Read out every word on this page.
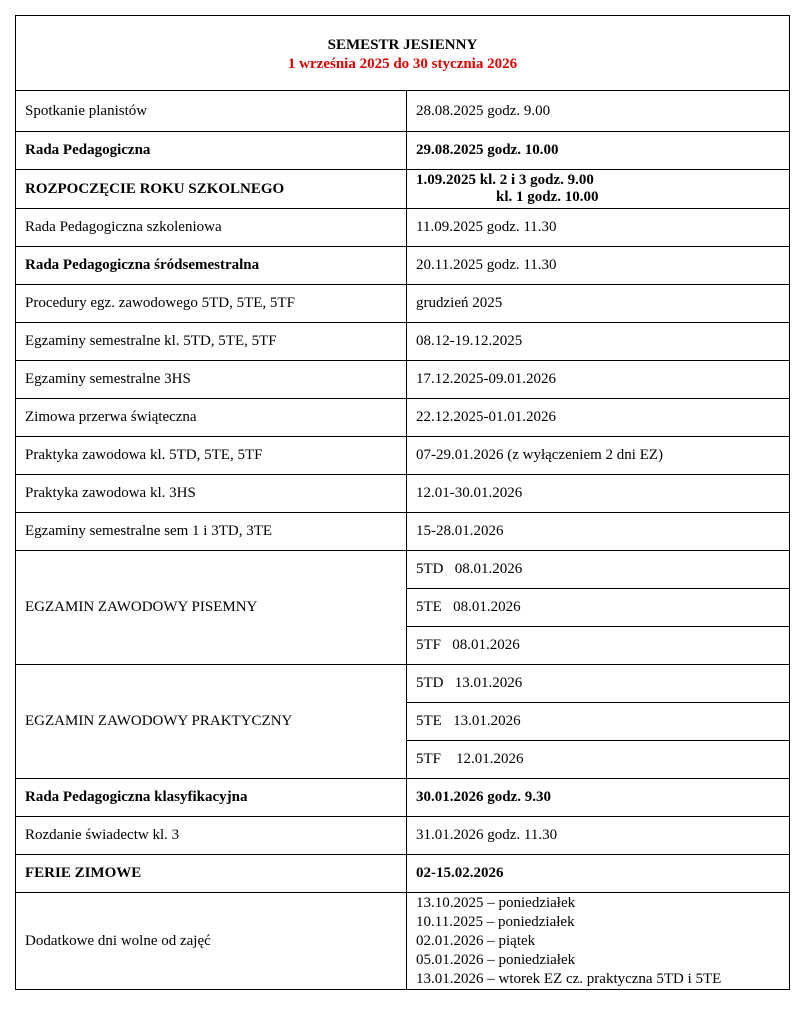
SEMESTR JESIENNY
1 września 2025 do 30 stycznia 2026	

Spotkanie planistów	28.08.2025 godz. 9.00
Rada Pedagogiczna	29.08.2025 godz. 10.00
ROZPOCZĘCIE ROKU SZKOLNEGO	1.09.2025 kl. 2 i 3 godz. 9.00
kl. 1 godz. 10.00

Rada Pedagogiczna szkoleniowa	11.09.2025 godz. 11.30
Rada Pedagogiczna śródsemestralna	20.11.2025 godz. 11.30
Procedury egz. zawodowego 5TD, 5TE, 5TF	grudzień 2025
Egzaminy semestralne kl. 5TD, 5TE, 5TF	08.12-19.12.2025
Egzaminy semestralne 3HS	17.12.2025-09.01.2026
Zimowa przerwa świąteczna	22.12.2025-01.01.2026
Praktyka zawodowa kl. 5TD, 5TE, 5TF	07-29.01.2026 (z wyłączeniem 2 dni EZ)
Praktyka zawodowa kl. 3HS	12.01-30.01.2026
Egzaminy semestralne sem 1 i 3TD, 3TE	15-28.01.2026
EGZAMIN ZAWODOWY PISEMNY	5TD   08.01.2026
	5TE   08.01.2026
	5TF   08.01.2026
EGZAMIN ZAWODOWY PRAKTYCZNY	5TD   13.01.2026
	5TE   13.01.2026
	5TF    12.01.2026
Rada Pedagogiczna klasyfikacyjna	30.01.2026 godz. 9.30
Rozdanie świadectw kl. 3	31.01.2026 godz. 11.30
FERIE ZIMOWE	02-15.02.2026
Dodatkowe dni wolne od zajęć	13.10.2025 – poniedziałek
10.11.2025 – poniedziałek
02.01.2026 – piątek
05.01.2026 – poniedziałek
13.01.2026 – wtorek EZ cz. praktyczna 5TD i 5TE
